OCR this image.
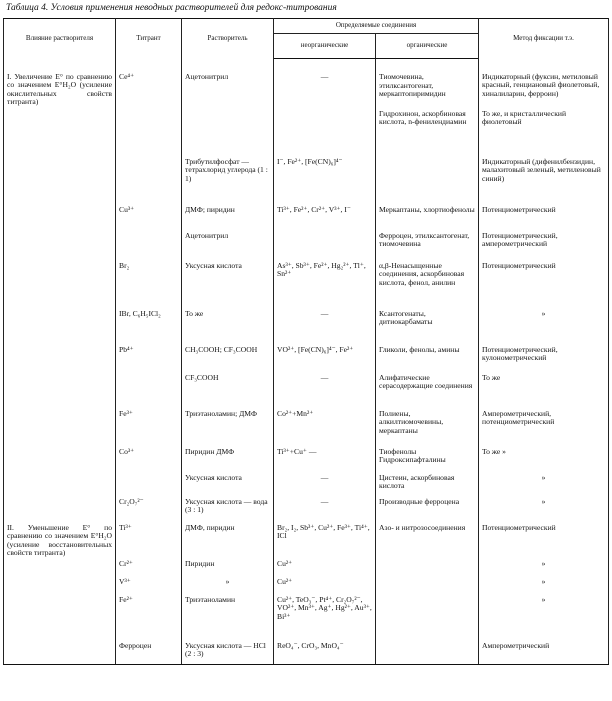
Таблица 4. Условия применения неводных растворителей для редокс-титрования
Влияние растворителя	Титрант	Растворитель	Определяемые соединения		Метод фиксации т.э.
			неорганические	органические	
I. Увеличение E° по сравнению со значением E°H₂O (усиление окислительных свойств титранта)	Ce⁴⁺	Ацетонитрил	—	Тиомочевина, этилксантогенат, меркаптопиримидин	Индикаторный (фуксин, метиловый красный, генциановый фиолетовый, хиналиларин, ферроин)
				Гидрохинон, аскорбиновая кислота, n-фенилендиамин	То же, и кристаллический фиолетовый
		Трибутилфосфат — тетрахлорид углерода (1 : 1)	I⁻, Fe²⁺, [Fe(CN)₆]⁴⁻		Индикаторный (дифенилбензидин, малахитовый зеленый, метиленовый синий)
	Cu³⁺	ДМФ; пиридин	Ti³⁺, Fe²⁺, Cr²⁺, V³⁺, I⁻	Меркаптаны, хлортиофенолы	Потенциометрический
		Ацетонитрил		Ферроцен, этилксантогенат, тиомочевина	Потенциометрический, амперометрический
	Br₂	Уксусная кислота	As³⁺, Sb³⁺, Fe²⁺, Hg₂²⁺, Tl⁺, Sn²⁺	α,β-Ненасыщенные соединения, аскорбиновая кислота, фенол, анилин	Потенциометрический
	IBr, C₆H₅ICl₂	То же	—	Ксантогенаты, дитиокарбаматы	»
	Pb⁴⁺	CH₃COOH; CF₃COOH	VO²⁺, [Fe(CN)₆]⁴⁻, Fe²⁺	Гликоли, фенолы, амины	Потенциометрический, кулонометрический
		CF₃COOH	—	Алифатические серасодержащие соединения	То же
	Fe³⁺	Триэтаноламин; ДМФ	Co²⁺+Mn²⁺	Полиены, алкилтиомочевины, меркаптаны	Амперометрический, потенциометрический
	Co³⁺	Пиридин ДМФ	Ti³⁺+Cu⁺ —	Тиофенолы Гидроксипафталины	То же »
		Уксусная кислота	—	Цистеин, аскорбиновая кислота	»
	Cr₂O₇²⁻	Уксусная кислота — вода (3 : 1)	—	Производные ферроцена	»
II. Уменьшение E° по сравнению со значением E°H₂O (усиление восстановительных свойств титранта)	Ti³⁺	ДМФ, пиридин	Br₂, I₂, Sb³⁺, Cu²⁺, Fe³⁺, Ti⁴⁺, ICl	Азо- и нитрозосоединения	Потенциометрический
	Cr²⁺	Пиридин	Cu²⁺		»
	V³⁺	»	Cu²⁺		»
	Fe²⁺	Триэтаноламин	Cu²⁺, TeO₃⁻, Pt⁴⁺, Cr₂O₇²⁻, VO²⁺, Mn³⁺, Ag⁺, Hg²⁺, Au³⁺, Bi³⁺		»
	Ферроцен	Уксусная кислота — HCl (2 : 3)	ReO₄⁻, CrO₃, MnO₄⁻		Амперометрический
